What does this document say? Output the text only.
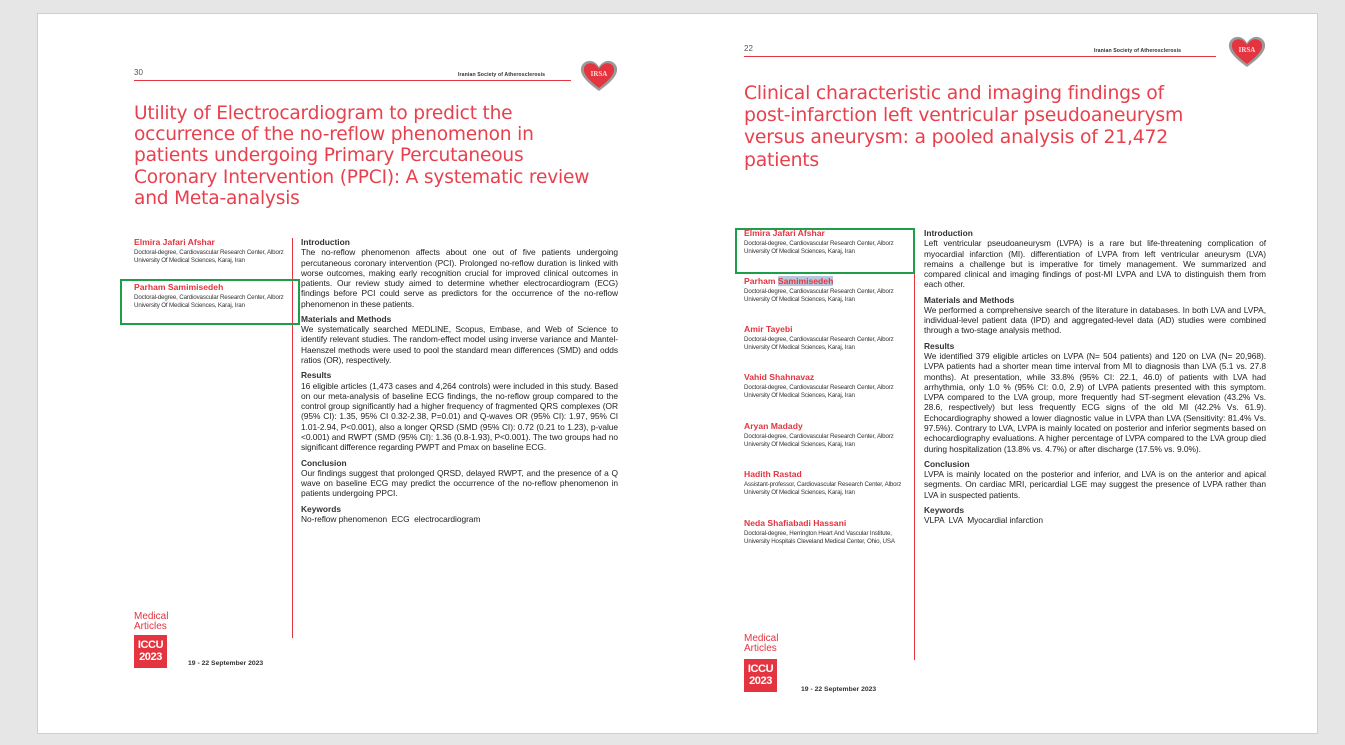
30	Iranian Society of Atherosclerosis	IRSA
Utility of Electrocardiogram to predict the
occurrence of the no-reflow phenomenon in
patients undergoing Primary Percutaneous
Coronary Intervention (PPCI): A systematic review
and Meta-analysis
Elmira Jafari Afshar
Doctoral-degree, Cardiovascular Research Center, Alborz University Of Medical Sciences, Karaj, Iran
Parham Samimisedeh
Doctoral-degree, Cardiovascular Research Center, Alborz University Of Medical Sciences, Karaj, Iran
Introduction
The no-reflow phenomenon affects about one out of five patients undergoing percutaneous coronary intervention (PCI). Prolonged no-reflow duration is linked with worse outcomes, making early recognition crucial for improved clinical outcomes in patients. Our review study aimed to determine whether electrocardiogram (ECG) findings before PCI could serve as predictors for the occurrence of the no-reflow phenomenon in these patients.
Materials and Methods
We systematically searched MEDLINE, Scopus, Embase, and Web of Science to identify relevant studies. The random-effect model using inverse variance and Mantel-Haenszel methods were used to pool the standard mean differences (SMD) and odds ratios (OR), respectively.
Results
16 eligible articles (1,473 cases and 4,264 controls) were included in this study. Based on our meta-analysis of baseline ECG findings, the no-reflow group compared to the control group significantly had a higher frequency of fragmented QRS complexes (OR (95% CI): 1.35, 95% CI 0.32-2.38, P=0.01) and Q-waves OR (95% CI): 1.97, 95% CI 1.01-2.94, P<0.001), also a longer QRSD (SMD (95% CI): 0.72 (0.21 to 1.23), p-value <0.001) and RWPT (SMD (95% CI): 1.36 (0.8-1.93), P<0.001). The two groups had no significant difference regarding PWPT and Pmax on baseline ECG.
Conclusion
Our findings suggest that prolonged QRSD, delayed RWPT, and the presence of a Q wave on baseline ECG may predict the occurrence of the no-reflow phenomenon in patients undergoing PPCI.
Keywords
No-reflow phenomenon  ECG  electrocardiogram
Medical
Articles
ICCU
2023
19 - 22 September 2023
22	Iranian Society of Atherosclerosis	IRSA
Clinical characteristic and imaging findings of
post-infarction left ventricular pseudoaneurysm
versus aneurysm: a pooled analysis of 21,472
patients
Elmira Jafari Afshar
Doctoral-degree, Cardiovascular Research Center, Alborz University Of Medical Sciences, Karaj, Iran
Parham Samimisedeh
Doctoral-degree, Cardiovascular Research Center, Alborz University Of Medical Sciences, Karaj, Iran
Amir Tayebi
Doctoral-degree, Cardiovascular Research Center, Alborz University Of Medical Sciences, Karaj, Iran
Vahid Shahnavaz
Doctoral-degree, Cardiovascular Research Center, Alborz University Of Medical Sciences, Karaj, Iran
Aryan Madady
Doctoral-degree, Cardiovascular Research Center, Alborz University Of Medical Sciences, Karaj, Iran
Hadith Rastad
Assistant-professor, Cardiovascular Research Center, Alborz University Of Medical Sciences, Karaj, Iran
Neda Shafiabadi Hassani
Doctoral-degree, Herrington Heart And Vascular Institute, University Hospitals Cleveland Medical Center, Ohio, USA
Introduction
Left ventricular pseudoaneurysm (LVPA) is a rare but life-threatening complication of myocardial infarction (MI). differentiation of LVPA from left ventricular aneurysm (LVA) remains a challenge but is imperative for timely management. We summarized and compared clinical and imaging findings of post-MI LVPA and LVA to distinguish them from each other.
Materials and Methods
We performed a comprehensive search of the literature in databases. In both LVA and LVPA, individual-level patient data (IPD) and aggregated-level data (AD) studies were combined through a two-stage analysis method.
Results
We identified 379 eligible articles on LVPA (N= 504 patients) and 120 on LVA (N= 20,968). LVPA patients had a shorter mean time interval from MI to diagnosis than LVA (5.1 vs. 27.8 months). At presentation, while 33.8% (95% CI: 22.1, 46.0) of patients with LVA had arrhythmia, only 1.0 % (95% CI: 0.0, 2.9) of LVPA patients presented with this symptom. LVPA compared to the LVA group, more frequently had ST-segment elevation (43.2% Vs. 28.6, respectively) but less frequently ECG signs of the old MI (42.2% Vs. 61.9). Echocardiography showed a lower diagnostic value in LVPA than LVA (Sensitivity: 81.4% Vs. 97.5%). Contrary to LVA, LVPA is mainly located on posterior and inferior segments based on echocardiography evaluations. A higher percentage of LVPA compared to the LVA group died during hospitalization (13.8% vs. 4.7%) or after discharge (17.5% vs. 9.0%).
Conclusion
LVPA is mainly located on the posterior and inferior, and LVA is on the anterior and apical segments. On cardiac MRI, pericardial LGE may suggest the presence of LVPA rather than LVA in suspected patients.
Keywords
VLPA  LVA  Myocardial infarction
Medical
Articles
ICCU
2023
19 - 22 September 2023
